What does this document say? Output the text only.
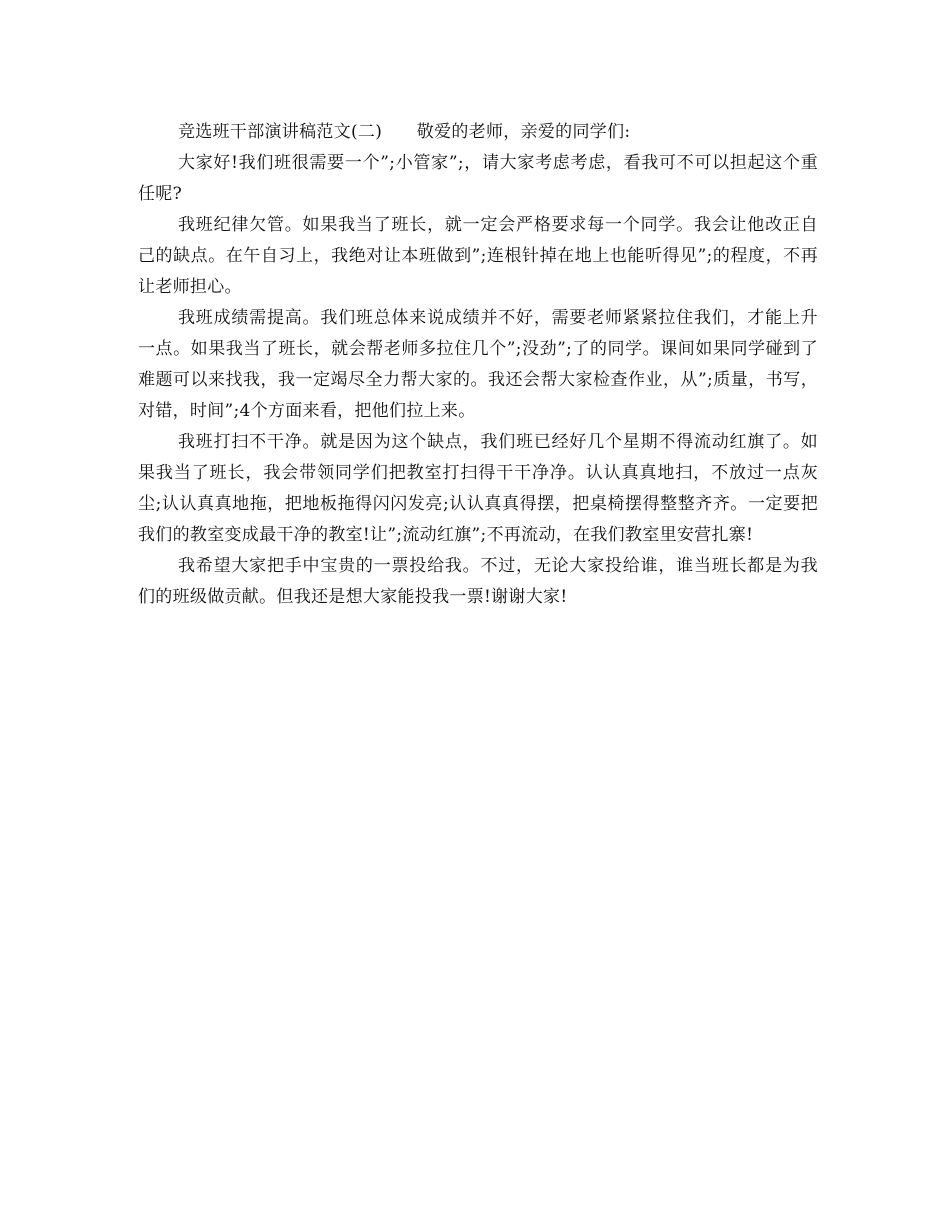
竞选班干部演讲稿范文(二)　　敬爱的老师，亲爱的同学们:

大家好!我们班很需要一个”;小管家”;，请大家考虑考虑，看我可不可以担起这个重任呢?

我班纪律欠管。如果我当了班长，就一定会严格要求每一个同学。我会让他改正自己的缺点。在午自习上，我绝对让本班做到”;连根针掉在地上也能听得见”;的程度，不再让老师担心。

我班成绩需提高。我们班总体来说成绩并不好，需要老师紧紧拉住我们，才能上升一点。如果我当了班长，就会帮老师多拉住几个”;没劲”;了的同学。课间如果同学碰到了难题可以来找我，我一定竭尽全力帮大家的。我还会帮大家检查作业，从”;质量，书写，对错，时间”;4个方面来看，把他们拉上来。

我班打扫不干净。就是因为这个缺点，我们班已经好几个星期不得流动红旗了。如果我当了班长，我会带领同学们把教室打扫得干干净净。认认真真地扫，不放过一点灰尘;认认真真地拖，把地板拖得闪闪发亮;认认真真得摆，把桌椅摆得整整齐齐。一定要把我们的教室变成最干净的教室!让”;流动红旗”;不再流动，在我们教室里安营扎寨!

我希望大家把手中宝贵的一票投给我。不过，无论大家投给谁，谁当班长都是为我们的班级做贡献。但我还是想大家能投我一票!谢谢大家!
